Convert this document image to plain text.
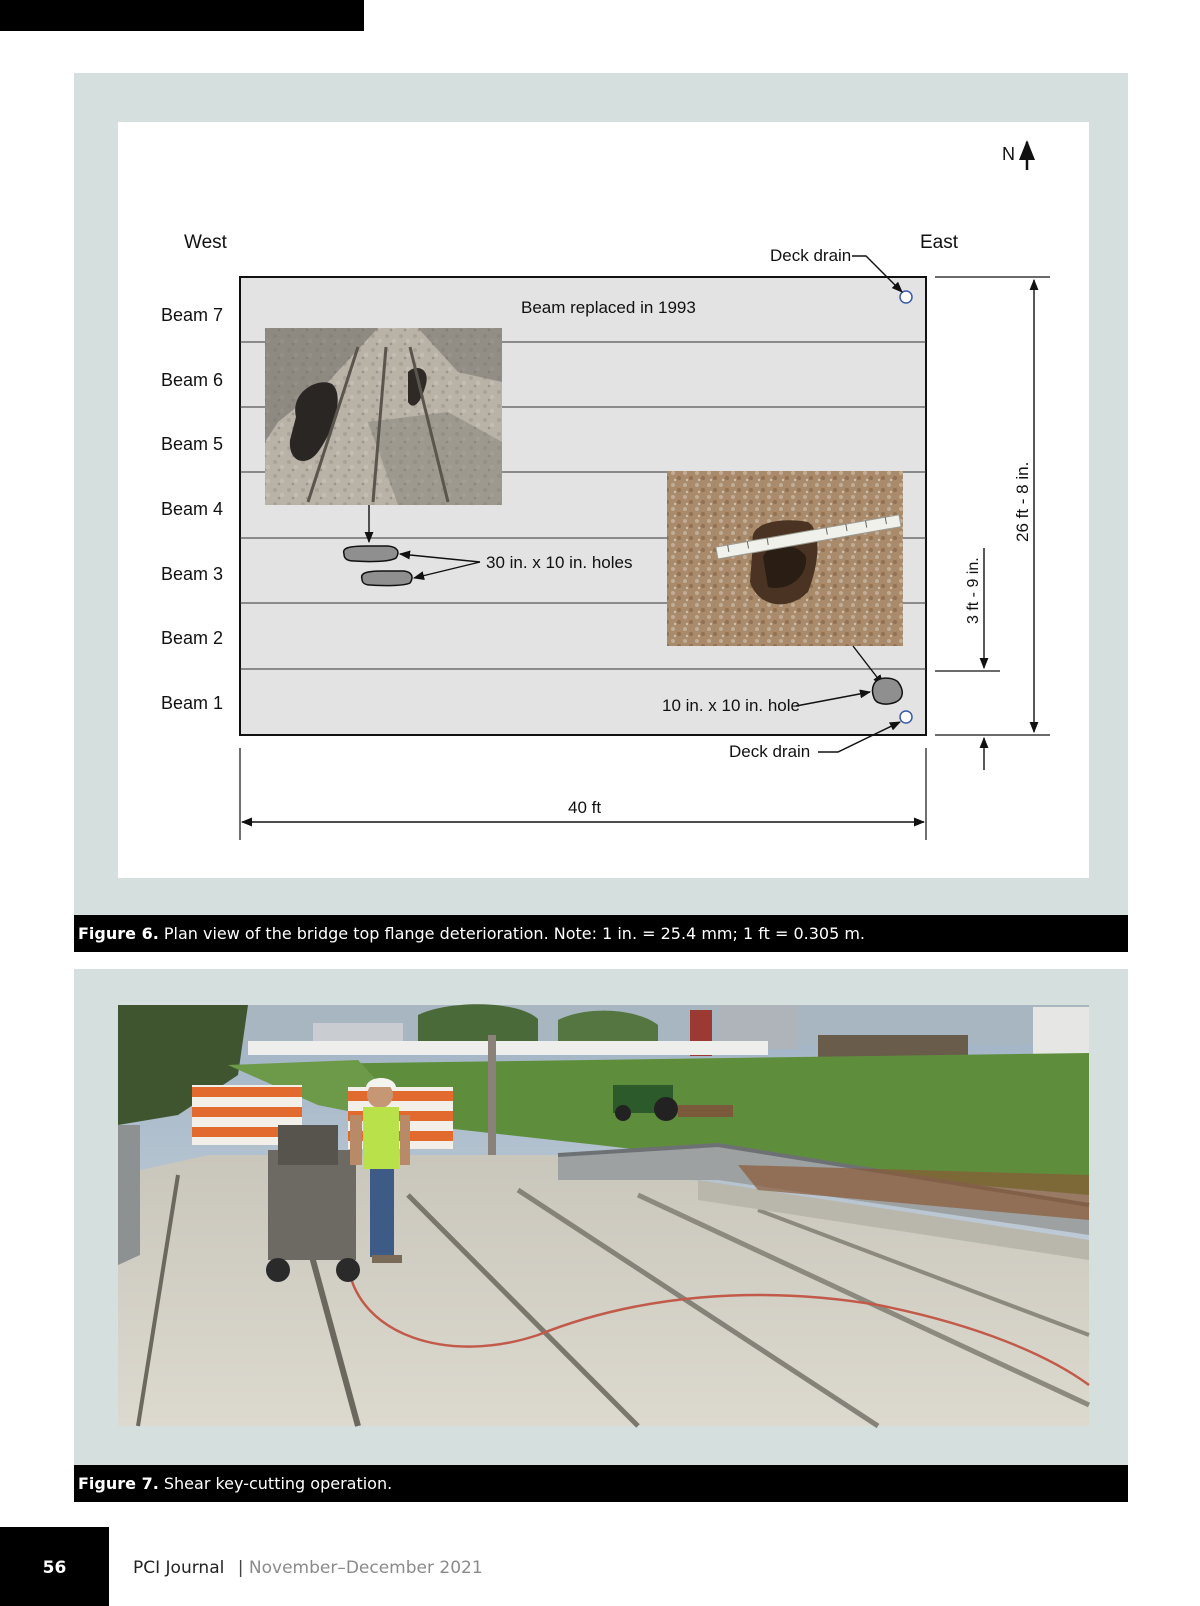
N
West	East
Beam 7
Beam 6
Beam 5
Beam 4
Beam 3
Beam 2
Beam 1
Beam replaced in 1993
30 in. x 10 in. holes
10 in. x 10 in. hole
Deck drain
Deck drain
40 ft
26 ft - 8 in.
3 ft - 9 in.
Figure 6. Plan view of the bridge top flange deterioration. Note: 1 in. = 25.4 mm; 1 ft = 0.305 m.
Figure 7. Shear key-cutting operation.
56	PCI Journal | November–December 2021
